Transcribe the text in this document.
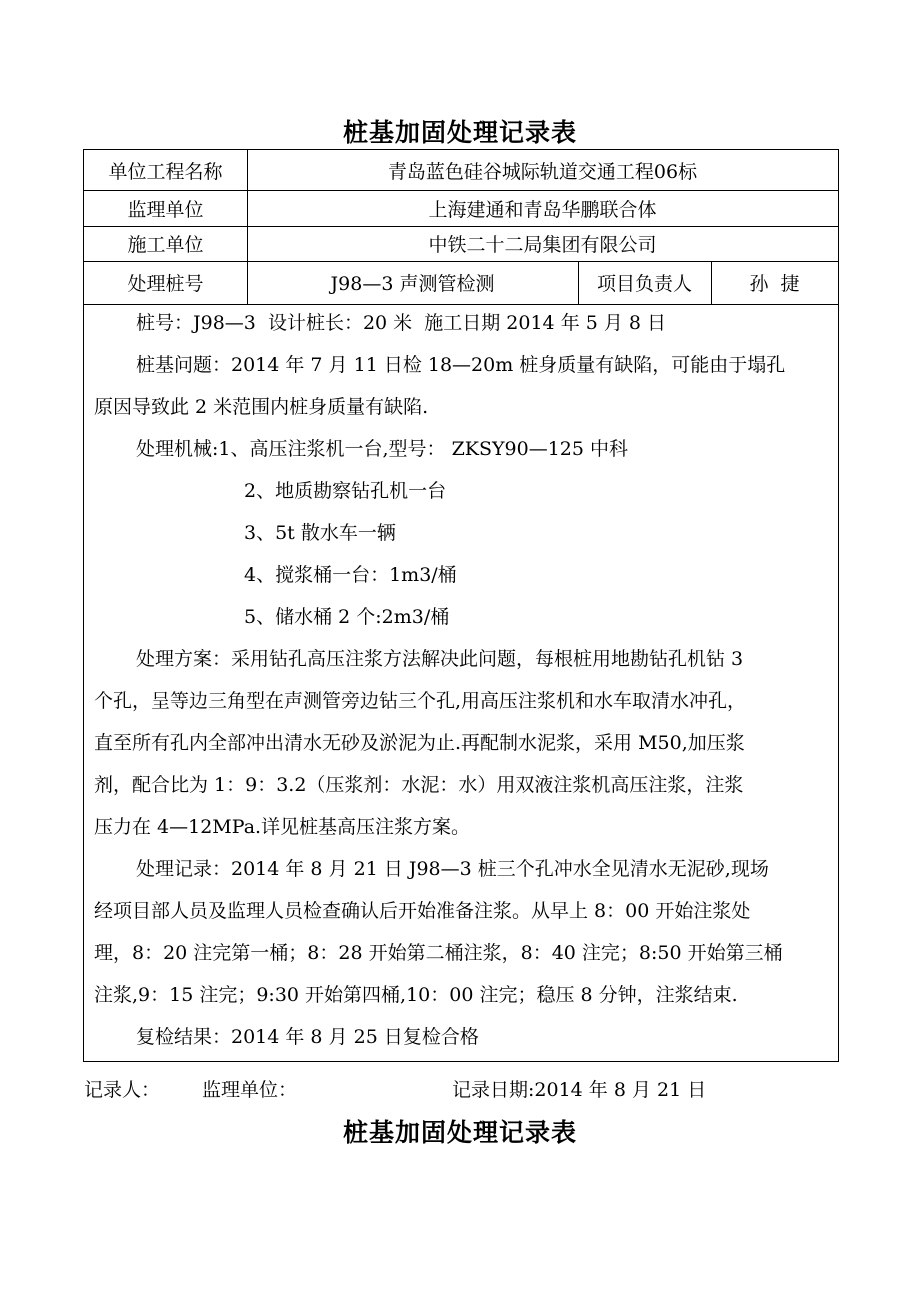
桩基加固处理记录表
单位工程名称	青岛蓝色硅谷城际轨道交通工程06标
监理单位	上海建通和青岛华鹏联合体
施工单位	中铁二十二局集团有限公司
处理桩号	J98—3 声测管检测	项目负责人	孙  捷
桩号：J98—3  设计桩长：20 米  施工日期 2014 年 5 月 8 日
桩基问题：2014 年 7 月 11 日检 18—20m 桩身质量有缺陷，可能由于塌孔
原因导致此 2 米范围内桩身质量有缺陷.
处理机械:1、高压注浆机一台,型号： ZKSY90—125 中科
2、地质勘察钻孔机一台
3、5t 散水车一辆
4、搅浆桶一台：1m3/桶
5、储水桶 2 个:2m3/桶
处理方案：采用钻孔高压注浆方法解决此问题，每根桩用地勘钻孔机钻 3
个孔，呈等边三角型在声测管旁边钻三个孔,用高压注浆机和水车取清水冲孔，
直至所有孔内全部冲出清水无砂及淤泥为止.再配制水泥浆，采用 M50,加压浆
剂，配合比为 1：9：3.2（压浆剂：水泥：水）用双液注浆机高压注浆，注浆
压力在 4—12MPa.详见桩基高压注浆方案。
处理记录：2014 年 8 月 21 日 J98—3 桩三个孔冲水全见清水无泥砂,现场
经项目部人员及监理人员检查确认后开始准备注浆。从早上 8：00 开始注浆处
理，8：20 注完第一桶；8：28 开始第二桶注浆，8：40 注完；8:50 开始第三桶
注浆,9：15 注完；9:30 开始第四桶,10：00 注完；稳压 8 分钟，注浆结束.
复检结果：2014 年 8 月 25 日复检合格
记录人： 监理单位：	记录日期:2014 年 8 月 21 日
桩基加固处理记录表
